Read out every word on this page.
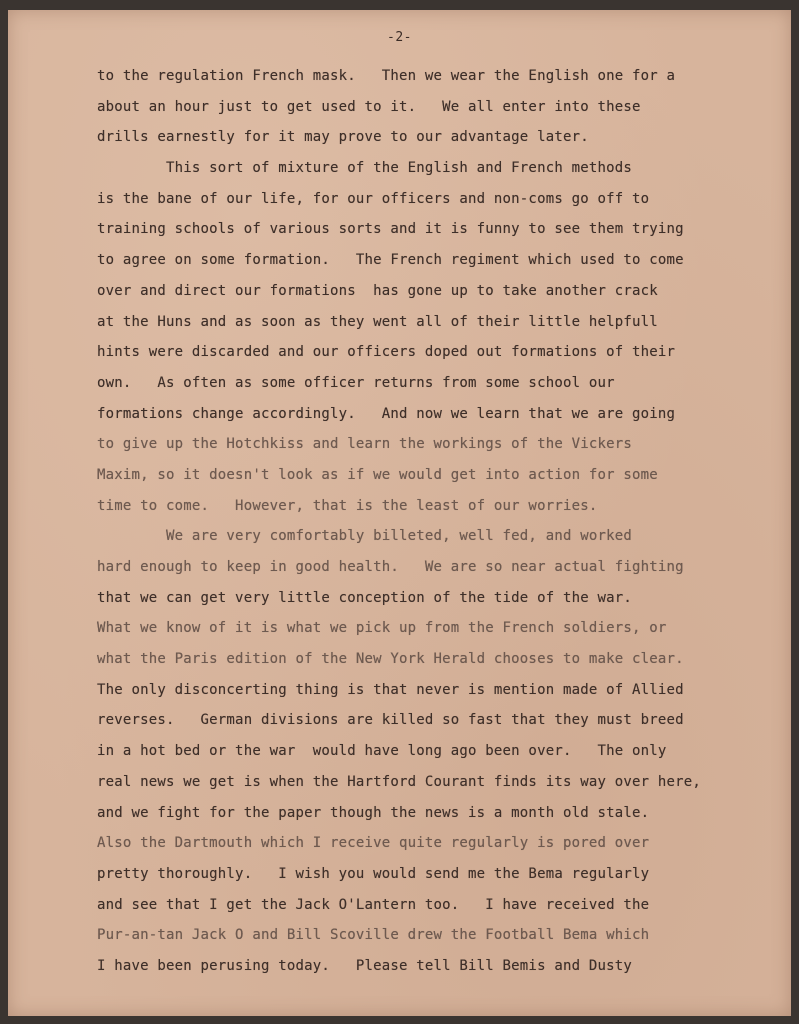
-2-
to the regulation French mask.   Then we wear the English one for a
about an hour just to get used to it.   We all enter into these
drills earnestly for it may prove to our advantage later.
This sort of mixture of the English and French methods
is the bane of our life, for our officers and non-coms go off to
training schools of various sorts and it is funny to see them trying
to agree on some formation.   The French regiment which used to come
over and direct our formations  has gone up to take another crack
at the Huns and as soon as they went all of their little helpfull
hints were discarded and our officers doped out formations of their
own.   As often as some officer returns from some school our
formations change accordingly.   And now we learn that we are going
to give up the Hotchkiss and learn the workings of the Vickers
Maxim, so it doesn't look as if we would get into action for some
time to come.   However, that is the least of our worries.
We are very comfortably billeted, well fed, and worked
hard enough to keep in good health.   We are so near actual fighting
that we can get very little conception of the tide of the war.
What we know of it is what we pick up from the French soldiers, or
what the Paris edition of the New York Herald chooses to make clear.
The only disconcerting thing is that never is mention made of Allied
reverses.   German divisions are killed so fast that they must breed
in a hot bed or the war  would have long ago been over.   The only
real news we get is when the Hartford Courant finds its way over here,
and we fight for the paper though the news is a month old stale.
Also the Dartmouth which I receive quite regularly is pored over
pretty thoroughly.   I wish you would send me the Bema regularly
and see that I get the Jack O'Lantern too.   I have received the
Pur-an-tan Jack O and Bill Scoville drew the Football Bema which
I have been perusing today.   Please tell Bill Bemis and Dusty
